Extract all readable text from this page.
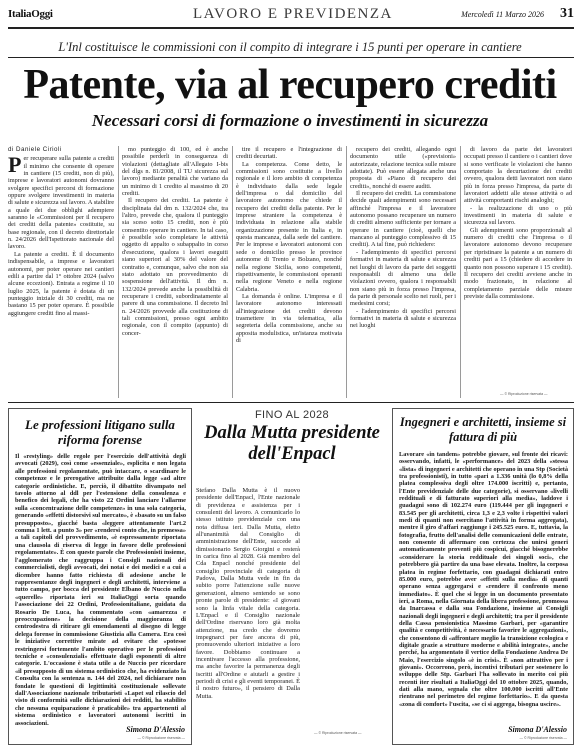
ItaliaOggi	LAVORO E PREVIDENZA	Mercoledì 11 Marzo 2026 31
L'Inl costituisce le commissioni con il compito di integrare i 15 punti per operare in cantiere
Patente, via al recupero crediti
Necessari corsi di formazione o investimenti in sicurezza
di Daniele Cirioli

Per recuperare sulla patente a crediti il minimo che consente di operare in cantiere (15 crediti, non di più), imprese e lavoratori autonomi dovranno svolgere specifici percorsi di formazione oppure svolgere investimenti in materia di salute e sicurezza sul lavoro. A stabilire a quale dei due obblighi adempiere saranno le «Commissioni per il recupero dei crediti della patente» costituite, su base regionale, con il decreto direttoriale n. 24/2026 dell'Ispettorato nazionale del lavoro.

La patente a crediti. È il documento indispensabile, a imprese e lavoratori autonomi, per poter operare nei cantieri edili a partire dal 1° ottobre 2024 (salvo alcune eccezioni). Entrata a regime il 10 luglio 2025, la patente è dotata di un punteggio iniziale di 30 crediti, ma ne bastano 15 per poter operare. È possibile aggiungere crediti fino al massi-

mo punteggio di 100, ed è anche possibile perderli in conseguenza di violazioni (dettagliate all'Allegato I-bis del dlgs n. 81/2008, il TU sicurezza sul lavoro) mediante penalità che variano da un minimo di 1 credito al massimo di 20 crediti.

Il recupero dei crediti. La patente è disciplinata dal dm n. 132/2024 che, tra l'altro, prevede che, qualora il punteggio sia sceso sotto 15 crediti, non è più consentito operare in cantiere. In tal caso, è possibile solo completare le attività oggetto di appalto o subappalto in corso d'esecuzione, qualora i lavori eseguiti siano superiori al 30% del valore del contratto e, comunque, salvo che non sia stato adottato un provvedimento di sospensione dell'attività. Il dm n. 132/2024 prevede anche la possibilità di recuperare i crediti, subordinatamente al parere di una commissione. Il decreto Inl n. 24/2026 provvede alla costituzione di tali commissioni, presso ogni ambito regionale, con il compito (appunto) di concer-

tire il recupero e l'integrazione di crediti decurtati.

La competenza. Come detto, le commissioni sono costituite a livello regionale e il loro ambito di competenza è individuato dalla sede legale dell'impresa o dal domicilio del lavoratore autonomo che chiede il recupero dei crediti della patente. Per le imprese straniere la competenza è individuata in relazione alla stabile organizzazione presente in Italia e, in questa mancanza, dalla sede del cantiere. Per le imprese e lavoratori autonomi con sede o domicilio presso le province autonome di Trento e Bolzano, nonché nella regione Sicilia, sono competenti, rispettivamente, le commissioni operanti nella regione Veneto e nella regione Calabria.

La domanda è online. L'impresa e il lavoratore autonomo interessati all'integrazione dei crediti devono trasmettere in via telematica, alla segreteria della commissione, anche su apposita modulistica, un'istanza motivata di

recupero dei crediti, allegando ogni documento utile («previsioni» autorizzate, relazione tecnica sulle misure adottate). Può essere allegata anche una proposta di «Piano di recupero dei crediti», nonché di essere auditi.

Il recupero dei crediti. La commissione decide quali adempimenti sono necessari affinché l'impresa e il lavoratore autonomo possano recuperare un numero di crediti almeno sufficiente per tornare a operare in cantiere (cioè, quelli che mancano al punteggio complessivo di 15 crediti). A tal fine, può richiedere:

- l'adempimento di specifici percorsi formativi in materia di salute e sicurezza nei luoghi di lavoro da parte dei soggetti responsabili di almeno una delle violazioni ovvero, qualora i responsabili non siano più in forza presso l'impresa, da parte di personale scelto nei ruoli, per i medesimi corsi;

- l'adempimento di specifici percorsi formativi in materia di salute e sicurezza nei luoghi

di lavoro da parte dei lavoratori occupati presso il cantiere o i cantieri dove si sono verificate le violazioni che hanno comportato la decurtazione dei crediti ovvero, qualora detti lavoratori non siano più in forza presso l'impresa, da parte di lavoratori addetti alle stesse attività o ad attività comportanti rischi analoghi;

- la realizzazione di uno o più investimenti in materia di salute e sicurezza sul lavoro.

Gli adempimenti sono proporzionali al numero di crediti che l'impresa o il lavoratore autonomo devono recuperare per ripristinare la patente a un numero di crediti pari a 15 (chiedere di accedere in quanto non possono superare i 15 crediti). Il recupero dei crediti avviene anche in modo frazionato, in relazione al completamento parziale delle misure previste dalla commissione.

— © Riproduzione riservata —
Le professioni litigano sulla riforma forense
Il «restyling» delle regole per l'esercizio dell'attività degli avvocati (2029), così come «essenziale», esplicita e non legata alle professioni regolamentate, può intaccare, o scardinare le competenze e le prerogative attribuite dalla legge «ad altre categorie ordinistiche. E, perciò, il dibattito divampato nel tavolo attorno al ddl per l'estensione della consulenza e benefico dei legali, che ha visto 22 Ordini lanciare l'allarme sulla «concentrazione delle competenze» in una sola categoria, generando «effetti distorsivi sul mercato», è «basato su un falso presupposto», giacché basta «leggere attentamente l'art.2 comma 1 lett. a punto 3» per «rendersi conto che, in premessa» a tali capitoli del provvedimento, «è espressamente riportata una clausola di riserva di legge in favore delle professioni regolamentate». È con queste parole che Professionisti insieme, l'agglomerato che raggruppa i Consigli nazionali dei commercialisti, degli avvocati, dei notai e dei medici e a cui a dicembre hanno fatto richiesta di adesione anche le rappresentanze degli ingegneri e degli architetti, interviene a tutto campo, per bocca del presidente Elbano de Nuccio nella «querelle» riportata ieri su ItaliaOggi sorta quando l'associazione dei 22 Ordini, Professionitaliane, guidata da Rosario De Luca, ha commentato «con «amarezza e preoccupazione» la decisione della maggioranza di centrodestra di ritirare gli emendamenti al disegno di legge delega forense in commissione Giustizia alla Camera. Era così le iniziative correttive mirate ad evitare che «potesse restringersi fortemente l'ambito operativo per le professioni tecniche e «consulenziali» effettuate dagli esponenti di altre categorie. L'occasione è stata utile a de Nuccio per ricordare «il presupposto di un sistema ordinistico che, ha evidenziato la Consulta con la sentenza n. 144 del 2024, nel dichiarare non fondate le questioni di legittimità costituzionale sollevate dall'Associazione nazionale tributaristi «Lapet sul rilascio del visto di conformità sulle dichiarazioni dei redditi, ha stabilito che nessuna equiparazione è praticabile» tra appartenenti al sistema ordinistico e lavoratori autonomi iscritti in associazioni.
Simona D'Alessio
— © Riproduzione riservata —
FINO AL 2028
Dalla Mutta presidente dell'Enpacl
Stefano Dalla Mutta è il nuovo presidente dell'Enpacl, l'Ente nazionale di previdenza e assistenza per i consulenti del lavoro. A comunicarlo lo stesso istituto previdenziale con una nota diffusa ieri. Dalla Mutta, eletto all'unanimità dal Consiglio di amministrazione dell'Ente, succede al dimissionario Sergio Giorgini e resterà in carica fino al 2028. Già membro del Cda Enpacl nonché presidente del consiglio provinciale di categoria di Padova, Dalla Mutta vede in fin da subito porre l'attenzione sulle nuove generazioni, almeno sentendo se sono pronte parole di presidente: «I giovani sono la linfa vitale della categoria. L'Enpacl e il Consiglio nazionale dell'Ordine riservano loro già molta attenzione, ma credo che dovremo impegnarci per fare ancora di più, promuovendo ulteriori iniziative a loro favore. Dobbiamo continuare a incentivare l'accesso alla professione, ma anche favorire la permanenza degli iscritti all'Ordine e aiutarli a gestire i periodi di crisi e gli eventi temporanei. È il nostro futuro», il pensiero di Dalla Mutta.
— © Riproduzione riservata —
Ingegneri e architetti, insieme si fattura di più
Lavorare «in tandem» potrebbe giovare, sul fronte dei ricavi: osservando, infatti, le «performance» del 2023 della «stessa «lista» di ingegneri e architetti che operano in una Stp (Società tra professionisti), in tutto «pari a 1.336 unità (lo 0,8% della platea complessiva degli oltre 174.000 iscritti) e, pertanto, l'Ente previdenziale delle due categorie), si osservano «livelli reddituali e di fatturato superiori alla media», laddove i guadagni sono di 102.274 euro (119.444 per gli ingegneri e 83.545 per gli architetti, circa 1,3 e 2,3 volte i rispettivi valori medi di quanti non esercitano l'attività in forma aggregata), mentre il giro d'affari raggiunge i 245.525 euro. E, tuttavia, la fotografia, frutto dell'analisi delle comunicazioni delle entrate, non consente di affermare con certezza che unirsi generi automaticamente proventi più cospicui, giacché bisognerebbe «considerare la storia reddituale dei singoli soci», che potrebbero già partire da una base elevata. Inoltre, la corposa platea in regime forfettario, con guadagni dichiarati entro 85.000 euro, potrebbe aver «effetti sulla media» di quanti operano senza aggregarsi e «rendere il confronto meno immediato». È quel che si legge in un documento presentato ieri, a Roma, nella Giornata della libera professione, promossa da Inarcassa e dalla sua Fondazione, insieme ai Consigli nazionali degli ingegneri e degli architetti; tra per il presidente della Cassa pensionistica Massimo Garbari, per «garantire qualità e competitività, è necessario favorire le aggregazioni», che consentono di «affrontare meglio la transizione ecologica e digitale grazie a strutture moderne e abilità integrate», anche perché, ha argomentato il vertice della Fondazione Andrea De Maio, l'esercizio singolo «è in crisi». È «non attrattivo per i giovani». Occorrono, però, incentivi tributari per sostenere lo sviluppo delle Stp. Garbari l'ha sollevato in merito coi più recenti iter risultati a ItaliaOggi del 10 ottobre 2025, quando, dati alla mano, segnala che oltre 100.000 iscritti all'Ente rientrano nel perimetro del regime forfettario». E da questa «zona di comfort» l'uscita, «se ci si aggrega, bisogna uscire».
Simona D'Alessio
— © Riproduzione riservata —
